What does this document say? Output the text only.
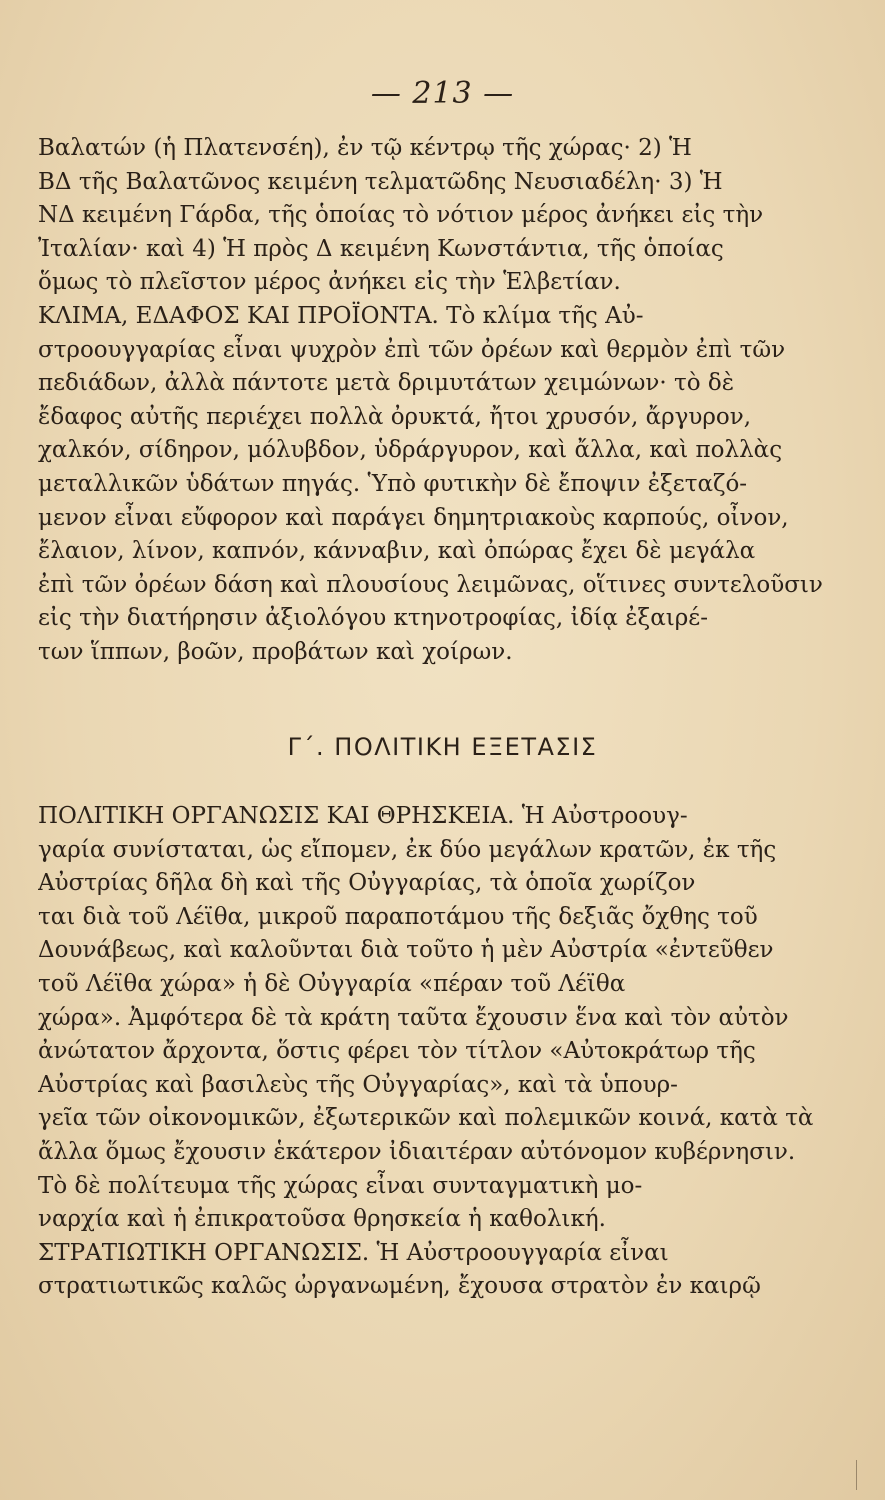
— 213 —
Βαλατών (ἡ Πλατενσέη), ἐν τῷ κέντρῳ τῆς χώρας· 2) Ἡ
ΒΔ τῆς Βαλατῶνος κειμένη τελματῶδης Νευσιαδέλη· 3) Ἡ
ΝΔ κειμένη Γάρδα, τῆς ὁποίας τὸ νότιον μέρος ἀνήκει εἰς τὴν
Ἰταλίαν· καὶ 4) Ἡ πρὸς Δ κειμένη Κωνστάντια, τῆς ὁποίας
ὅμως τὸ πλεῖστον μέρος ἀνήκει εἰς τὴν Ἑλβετίαν.
ΚΛΙΜΑ, ΕΔΑΦΟΣ ΚΑΙ ΠΡΟΪΟΝΤΑ. Τὸ κλίμα τῆς Αὐ-
στροουγγαρίας εἶναι ψυχρὸν ἐπὶ τῶν ὀρέων καὶ θερμὸν ἐπὶ τῶν
πεδιάδων, ἀλλὰ πάντοτε μετὰ δριμυτάτων χειμώνων· τὸ δὲ
ἔδαφος αὐτῆς περιέχει πολλὰ ὀρυκτά, ἤτοι χρυσόν, ἄργυρον,
χαλκόν, σίδηρον, μόλυβδον, ὑδράργυρον, καὶ ἄλλα, καὶ πολλὰς
μεταλλικῶν ὑδάτων πηγάς. Ὑπὸ φυτικὴν δὲ ἔποψιν ἐξεταζό-
μενον εἶναι εὔφορον καὶ παράγει δημητριακοὺς καρπούς, οἶνον,
ἔλαιον, λίνον, καπνόν, κάνναβιν, καὶ ὀπώρας ἔχει δὲ μεγάλα
ἐπὶ τῶν ὀρέων δάση καὶ πλουσίους λειμῶνας, οἵτινες συντελοῦσιν
εἰς τὴν διατήρησιν ἀξιολόγου κτηνοτροφίας, ἰδίᾳ ἐξαιρέ-
των ἵππων, βοῶν, προβάτων καὶ χοίρων.
Γ΄. ΠΟΛΙΤΙΚΗ ΕΞΕΤΑΣΙΣ
ΠΟΛΙΤΙΚΗ ΟΡΓΑΝΩΣΙΣ ΚΑΙ ΘΡΗΣΚΕΙΑ. Ἡ Αὐστροουγ-
γαρία συνίσταται, ὡς εἴπομεν, ἐκ δύο μεγάλων κρατῶν, ἐκ τῆς
Αὐστρίας δῆλα δὴ καὶ τῆς Οὐγγαρίας, τὰ ὁποῖα χωρίζον
ται διὰ τοῦ Λέϊθα, μικροῦ παραποτάμου τῆς δεξιᾶς ὄχθης τοῦ
Δουνάβεως, καὶ καλοῦνται διὰ τοῦτο ἡ μὲν Αὐστρία «ἐντεῦθεν
τοῦ Λέϊθα χώρα» ἡ δὲ Οὐγγαρία «πέραν τοῦ Λέϊθα
χώρα». Ἀμφότερα δὲ τὰ κράτη ταῦτα ἔχουσιν ἕνα καὶ τὸν αὐτὸν
ἀνώτατον ἄρχοντα, ὅστις φέρει τὸν τίτλον «Αὐτοκράτωρ τῆς
Αὐστρίας καὶ βασιλεὺς τῆς Οὐγγαρίας», καὶ τὰ ὑπουρ-
γεῖα τῶν οἰκονομικῶν, ἐξωτερικῶν καὶ πολεμικῶν κοινά, κατὰ τὰ
ἄλλα ὅμως ἔχουσιν ἑκάτερον ἰδιαιτέραν αὐτόνομον κυβέρνησιν.
Τὸ δὲ πολίτευμα τῆς χώρας εἶναι συνταγματικὴ μο-
ναρχία καὶ ἡ ἐπικρατοῦσα θρησκεία ἡ καθολική.
ΣΤΡΑΤΙΩΤΙΚΗ ΟΡΓΑΝΩΣΙΣ. Ἡ Αὐστροουγγαρία εἶναι
στρατιωτικῶς καλῶς ὠργανωμένη, ἔχουσα στρατὸν ἐν καιρῷ
